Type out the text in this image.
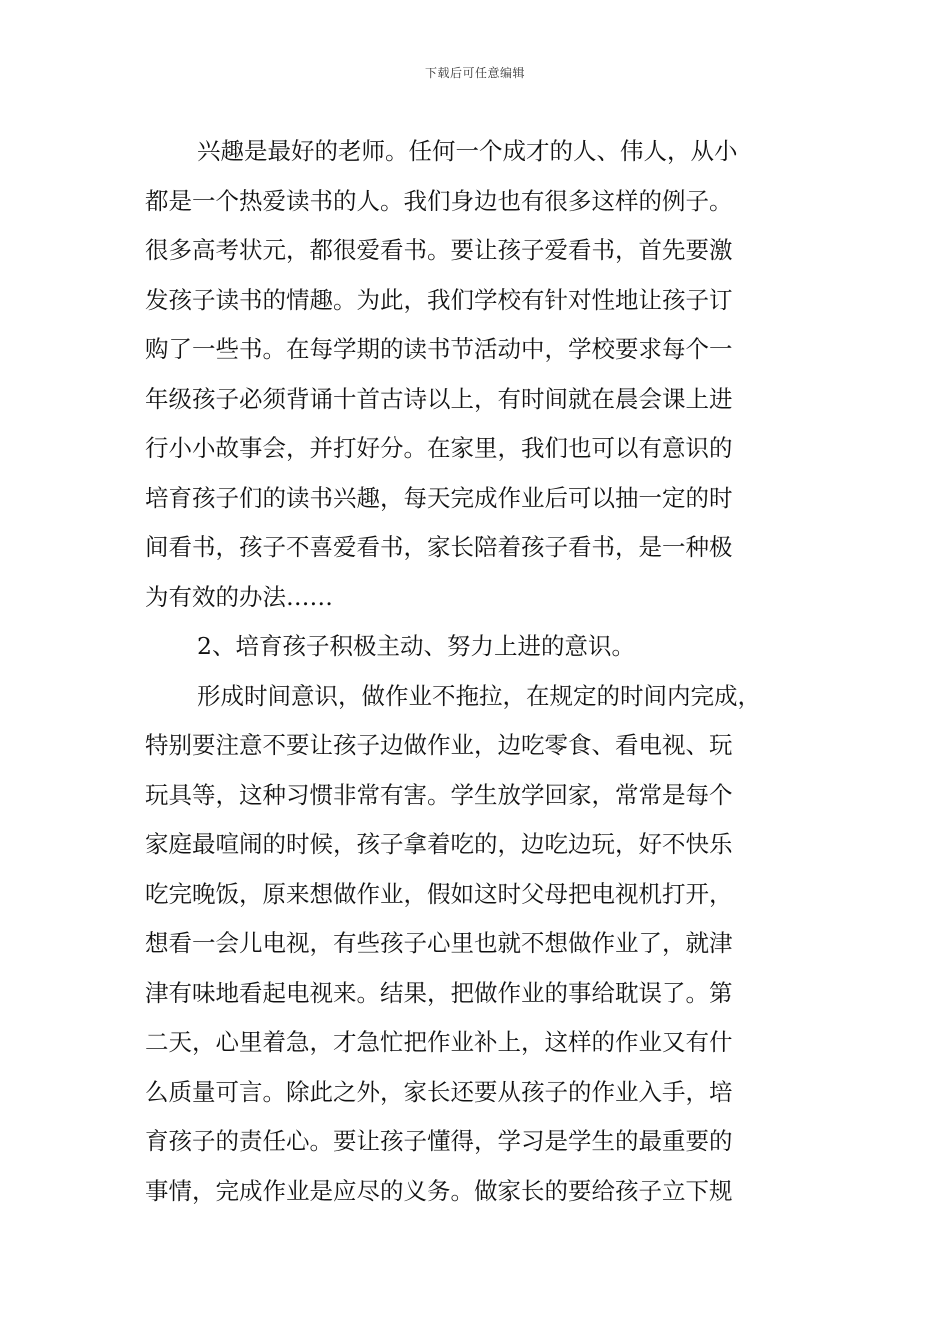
下载后可任意编辑
兴趣是最好的老师。任何一个成才的人、伟人，从小
都是一个热爱读书的人。我们身边也有很多这样的例子。
很多高考状元，都很爱看书。要让孩子爱看书，首先要激
发孩子读书的情趣。为此，我们学校有针对性地让孩子订
购了一些书。在每学期的读书节活动中，学校要求每个一
年级孩子必须背诵十首古诗以上，有时间就在晨会课上进
行小小故事会，并打好分。在家里，我们也可以有意识的
培育孩子们的读书兴趣，每天完成作业后可以抽一定的时
间看书，孩子不喜爱看书，家长陪着孩子看书，是一种极
为有效的办法……
2、培育孩子积极主动、努力上进的意识。
形成时间意识，做作业不拖拉，在规定的时间内完成，
特别要注意不要让孩子边做作业，边吃零食、看电视、玩
玩具等，这种习惯非常有害。学生放学回家，常常是每个
家庭最喧闹的时候，孩子拿着吃的，边吃边玩，好不快乐
吃完晚饭，原来想做作业，假如这时父母把电视机打开，
想看一会儿电视，有些孩子心里也就不想做作业了，就津
津有味地看起电视来。结果，把做作业的事给耽误了。第
二天，心里着急，才急忙把作业补上，这样的作业又有什
么质量可言。除此之外，家长还要从孩子的作业入手，培
育孩子的责任心。要让孩子懂得，学习是学生的最重要的
事情，完成作业是应尽的义务。做家长的要给孩子立下规
